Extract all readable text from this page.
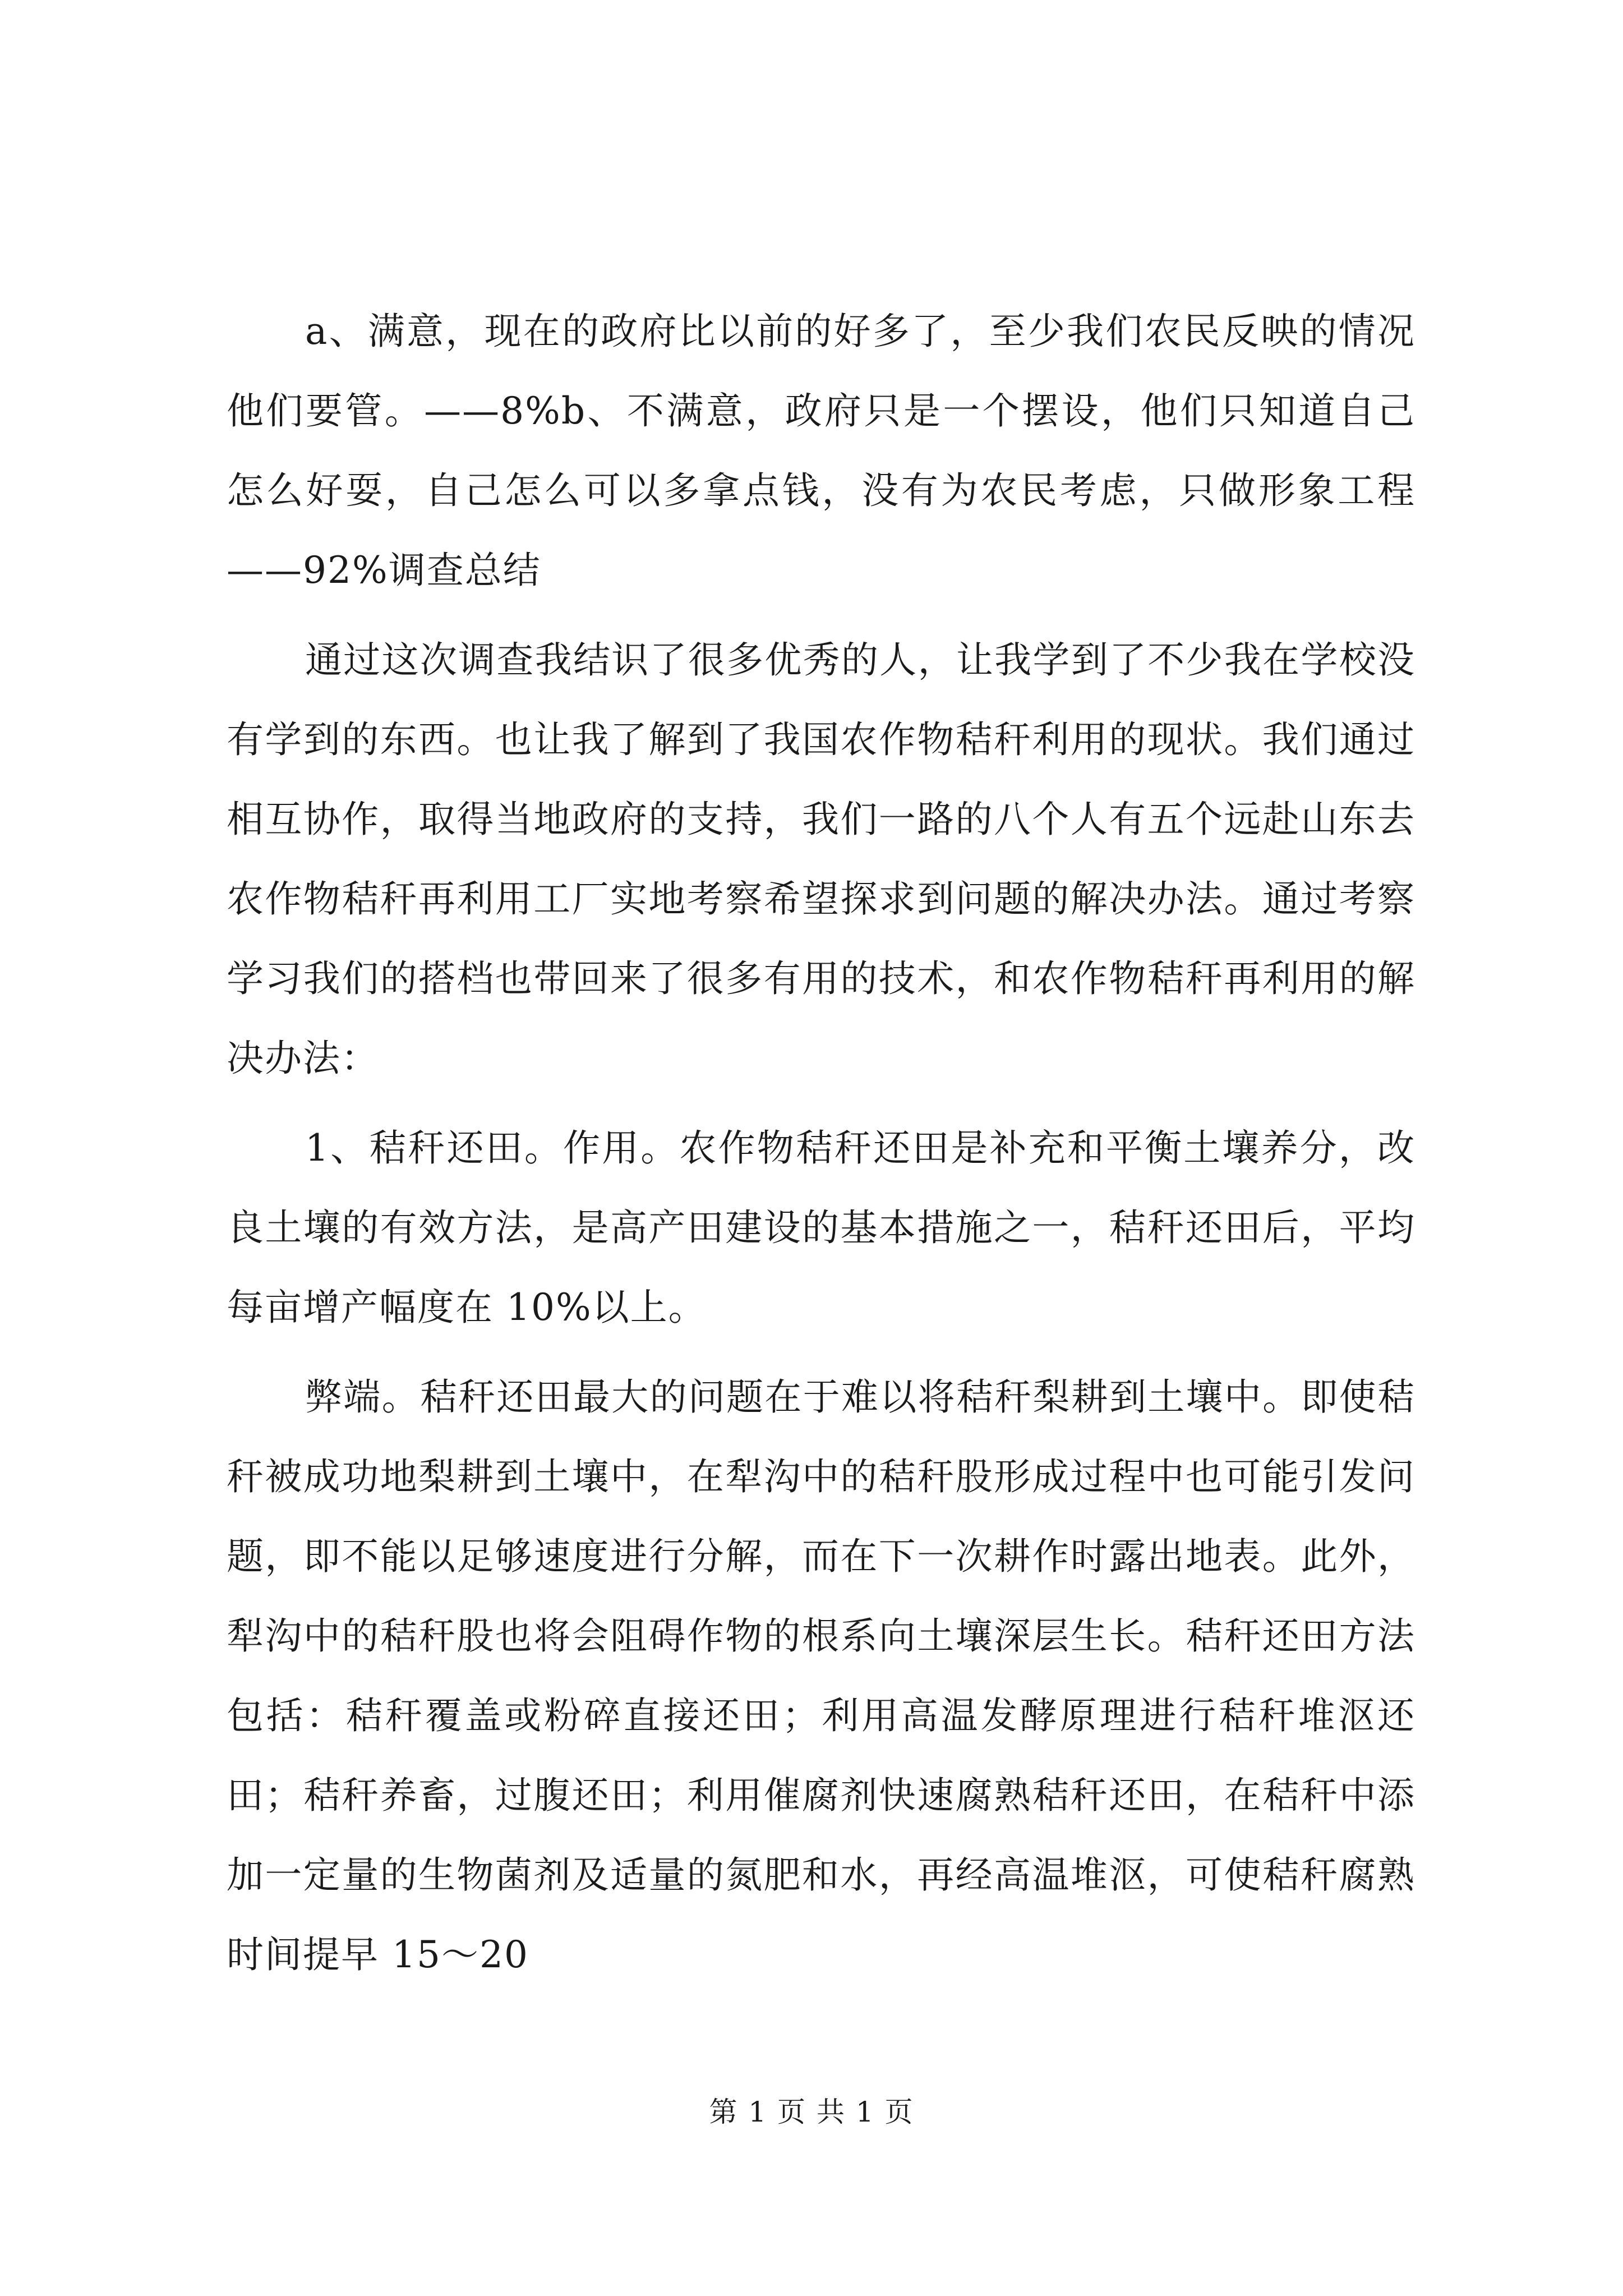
a、满意，现在的政府比以前的好多了，至少我们农民反映的情况他们要管。——8%b、不满意，政府只是一个摆设，他们只知道自己怎么好耍，自己怎么可以多拿点钱，没有为农民考虑，只做形象工程——92%调查总结

通过这次调查我结识了很多优秀的人，让我学到了不少我在学校没有学到的东西。也让我了解到了我国农作物秸秆利用的现状。我们通过相互协作，取得当地政府的支持，我们一路的八个人有五个远赴山东去农作物秸秆再利用工厂实地考察希望探求到问题的解决办法。通过考察学习我们的搭档也带回来了很多有用的技术，和农作物秸秆再利用的解决办法：

1、秸秆还田。作用。农作物秸秆还田是补充和平衡土壤养分，改良土壤的有效方法，是高产田建设的基本措施之一，秸秆还田后，平均每亩增产幅度在 10%以上。

弊端。秸秆还田最大的问题在于难以将秸秆梨耕到土壤中。即使秸秆被成功地梨耕到土壤中，在犁沟中的秸秆股形成过程中也可能引发问题，即不能以足够速度进行分解，而在下一次耕作时露出地表。此外，犁沟中的秸秆股也将会阻碍作物的根系向土壤深层生长。秸秆还田方法包括：秸秆覆盖或粉碎直接还田；利用高温发酵原理进行秸秆堆沤还田；秸秆养畜，过腹还田；利用催腐剂快速腐熟秸秆还田，在秸秆中添加一定量的生物菌剂及适量的氮肥和水，再经高温堆沤，可使秸秆腐熟时间提早 15～20

第 1 页 共 1 页
